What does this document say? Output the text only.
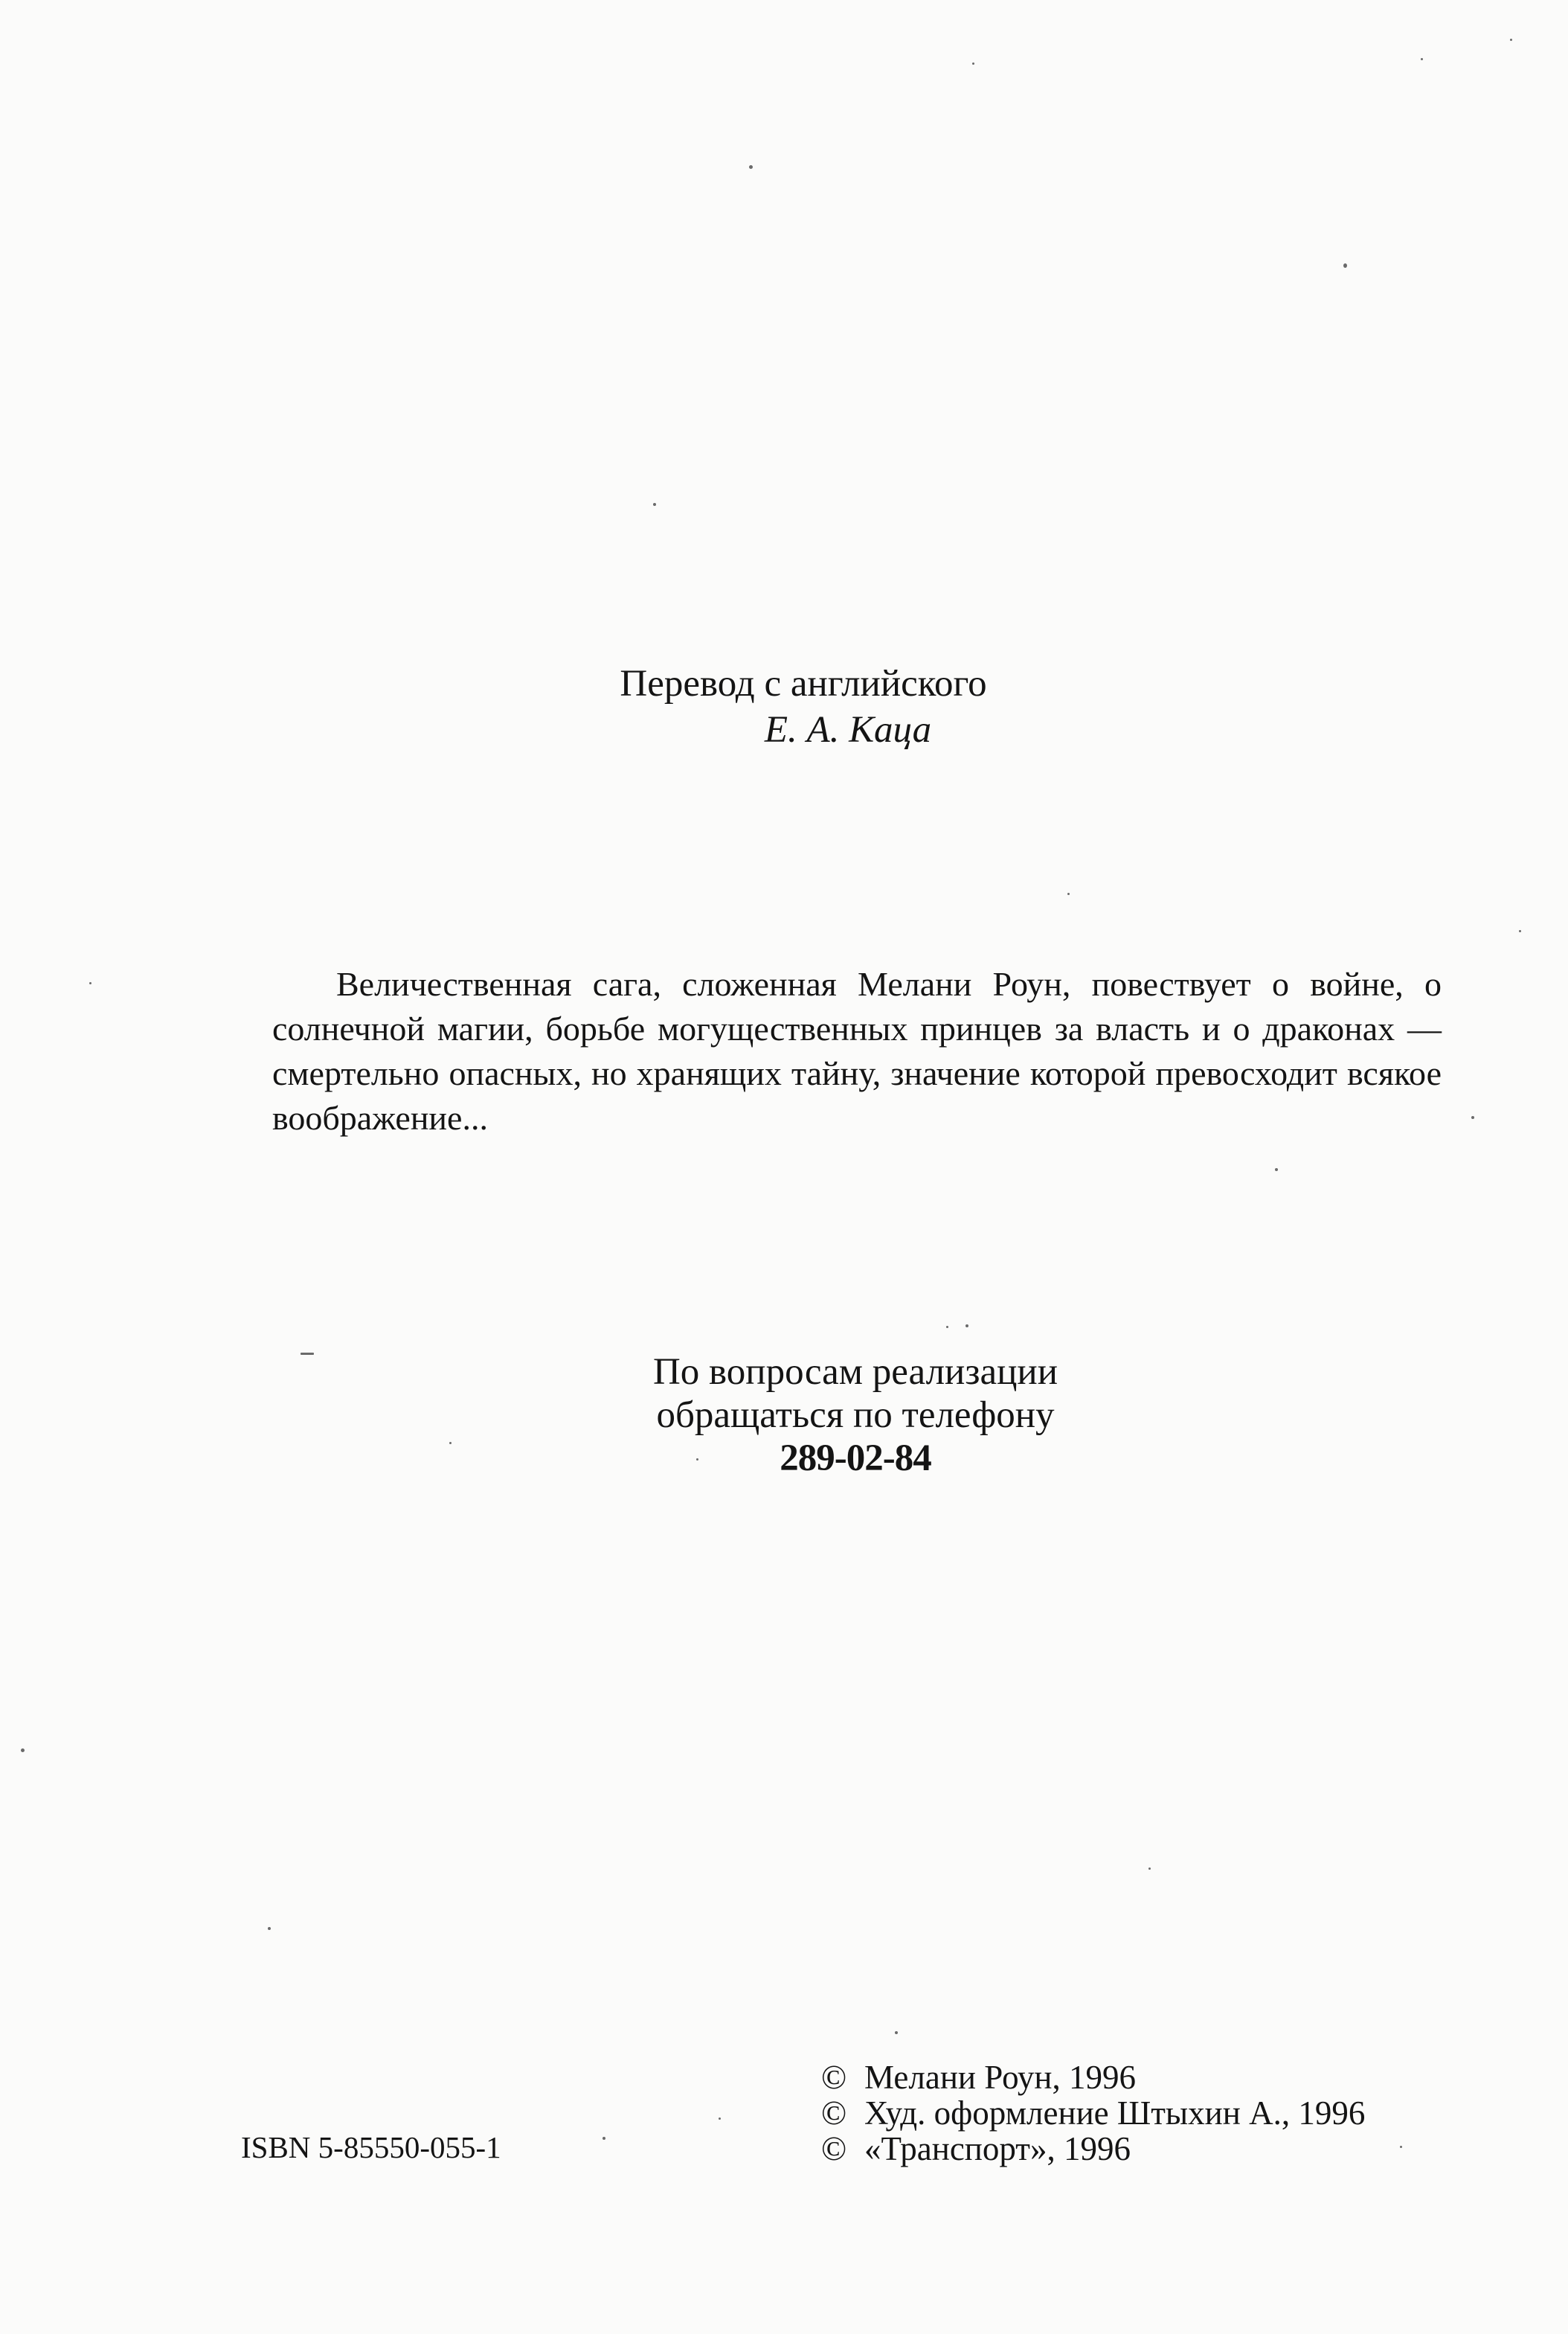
Перевод с английского
Е. А. Каца

Величественная сага, сложенная Мелани Роун, повествует о войне, о солнечной магии, борьбе могущественных принцев за власть и о драконах — смертельно опасных, но хранящих тайну, значение которой превосходит всякое воображение...

По вопросам реализации
обращаться по телефону
289-02-84
ISBN 5-85550-055-1
© Мелани Роун, 1996
© Худ. оформление Штыхин А., 1996
© «Транспорт», 1996
